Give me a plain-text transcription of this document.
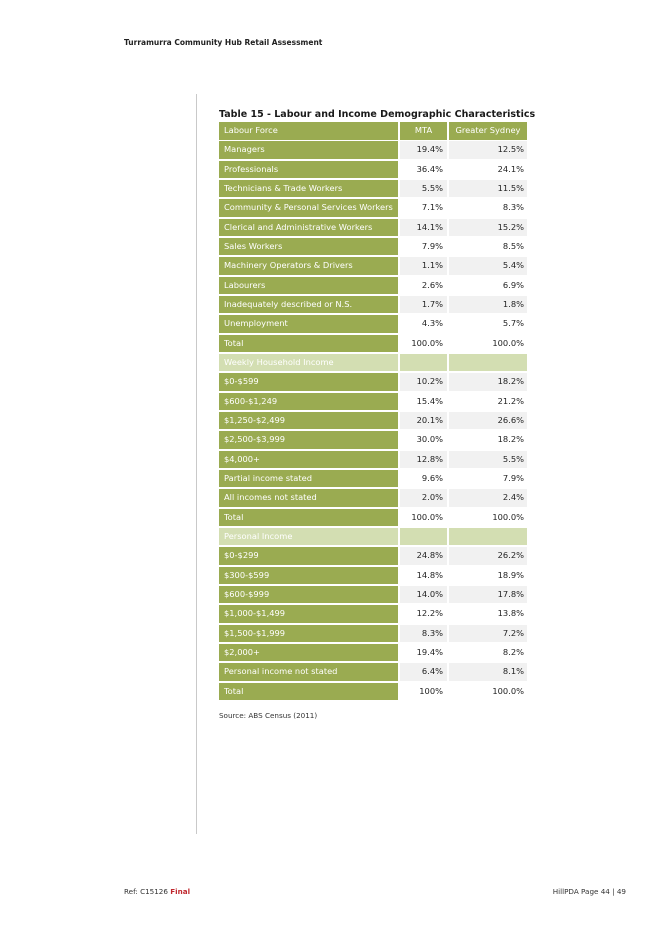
Turramurra Community Hub Retail Assessment
Table 15 - Labour and Income Demographic Characteristics
Labour Force	MTA	Greater Sydney
Managers	19.4%	12.5%
Professionals	36.4%	24.1%
Technicians & Trade Workers	5.5%	11.5%
Community & Personal Services Workers	7.1%	8.3%
Clerical and Administrative Workers	14.1%	15.2%
Sales Workers	7.9%	8.5%
Machinery Operators & Drivers	1.1%	5.4%
Labourers	2.6%	6.9%
Inadequately described or N.S.	1.7%	1.8%
Unemployment	4.3%	5.7%
Total	100.0%	100.0%
Weekly Household Income
$0-$599	10.2%	18.2%
$600-$1,249	15.4%	21.2%
$1,250-$2,499	20.1%	26.6%
$2,500-$3,999	30.0%	18.2%
$4,000+	12.8%	5.5%
Partial income stated	9.6%	7.9%
All incomes not stated	2.0%	2.4%
Total	100.0%	100.0%
Personal Income
$0-$299	24.8%	26.2%
$300-$599	14.8%	18.9%
$600-$999	14.0%	17.8%
$1,000-$1,499	12.2%	13.8%
$1,500-$1,999	8.3%	7.2%
$2,000+	19.4%	8.2%
Personal income not stated	6.4%	8.1%
Total	100%	100.0%
Source: ABS Census (2011)
Ref: C15126 Final	HillPDA Page 44 | 49
